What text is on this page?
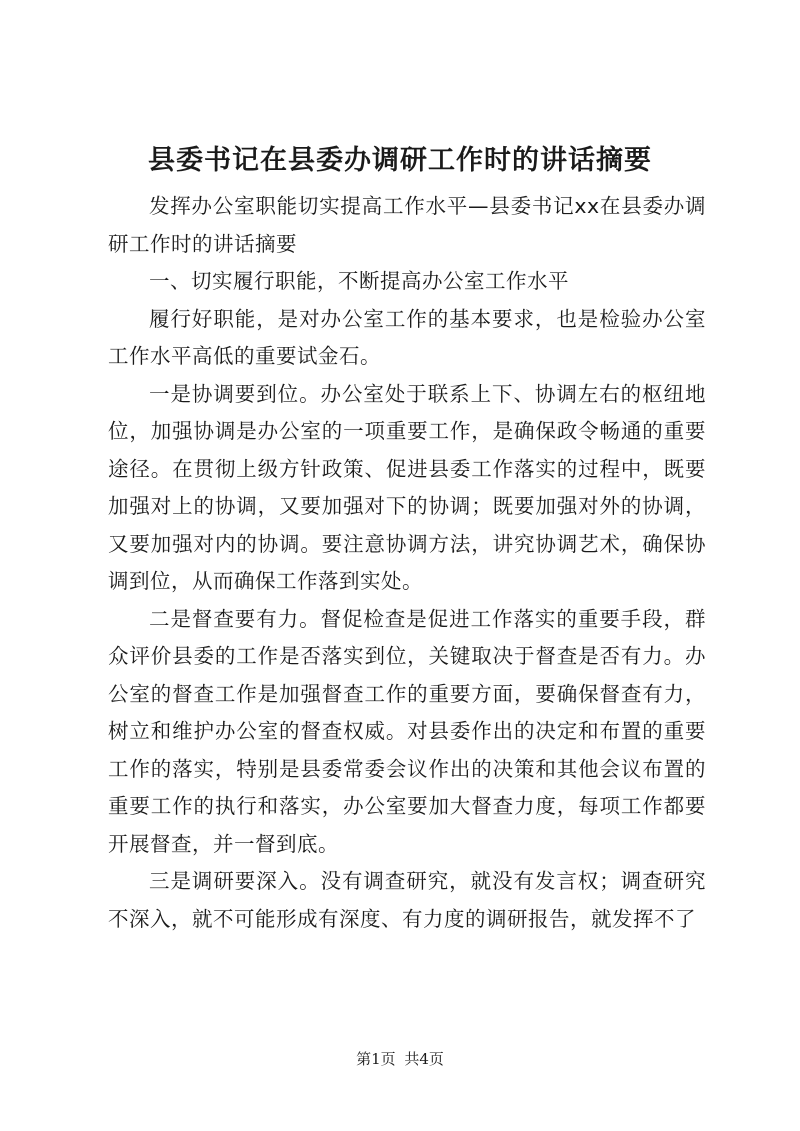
县委书记在县委办调研工作时的讲话摘要

发挥办公室职能切实提高工作水平—县委书记xx在县委办调研工作时的讲话摘要

一、切实履行职能，不断提高办公室工作水平

履行好职能，是对办公室工作的基本要求，也是检验办公室工作水平高低的重要试金石。

一是协调要到位。办公室处于联系上下、协调左右的枢纽地位，加强协调是办公室的一项重要工作，是确保政令畅通的重要途径。在贯彻上级方针政策、促进县委工作落实的过程中，既要加强对上的协调，又要加强对下的协调；既要加强对外的协调，又要加强对内的协调。要注意协调方法，讲究协调艺术，确保协调到位，从而确保工作落到实处。

二是督查要有力。督促检查是促进工作落实的重要手段，群众评价县委的工作是否落实到位，关键取决于督查是否有力。办公室的督查工作是加强督查工作的重要方面，要确保督查有力，树立和维护办公室的督查权威。对县委作出的决定和布置的重要工作的落实，特别是县委常委会议作出的决策和其他会议布置的重要工作的执行和落实，办公室要加大督查力度，每项工作都要开展督查，并一督到底。

三是调研要深入。没有调查研究，就没有发言权；调查研究不深入，就不可能形成有深度、有力度的调研报告，就发挥不了

第1页 共4页
